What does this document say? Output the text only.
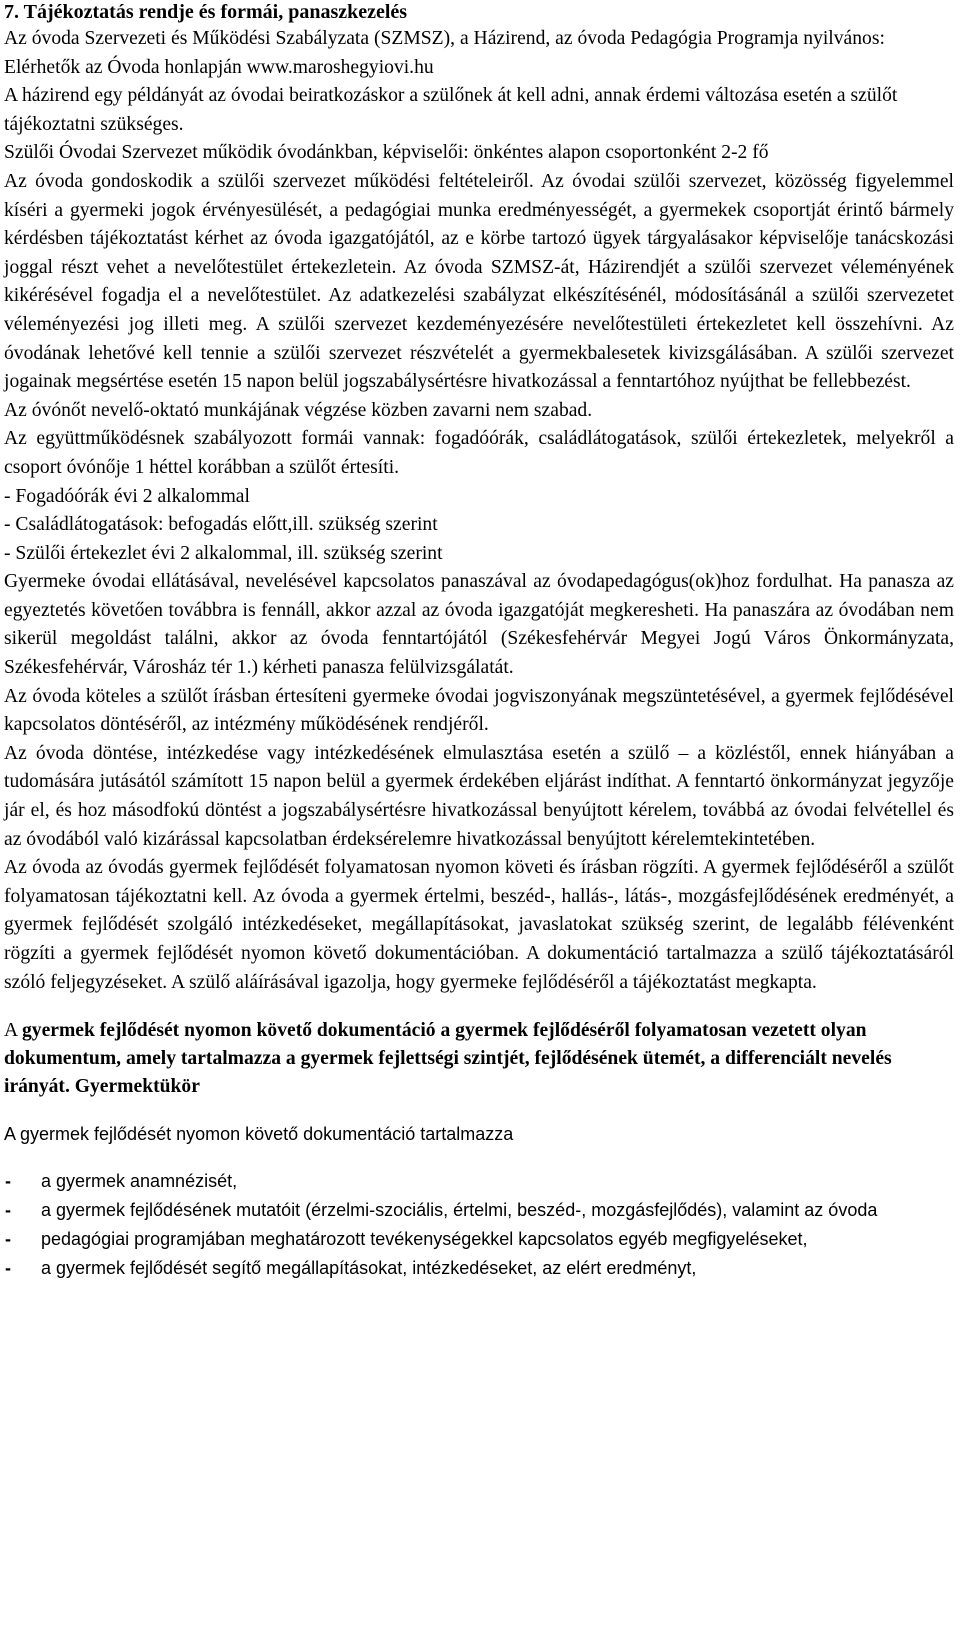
7. Tájékoztatás rendje és formái, panaszkezelés

Az óvoda Szervezeti és Működési Szabályzata (SZMSZ), a Házirend, az óvoda Pedagógia Programja nyilvános: Elérhetők az Óvoda honlapján www.maroshegyiovi.hu

A házirend egy példányát az óvodai beiratkozáskor a szülőnek át kell adni, annak érdemi változása esetén a szülőt tájékoztatni szükséges.

Szülői Óvodai Szervezet működik óvodánkban, képviselői: önkéntes alapon csoportonként 2-2 fő

Az óvoda gondoskodik a szülői szervezet működési feltételeiről. Az óvodai szülői szervezet, közösség figyelemmel kíséri a gyermeki jogok érvényesülését, a pedagógiai munka eredményességét, a gyermekek csoportját érintő bármely kérdésben tájékoztatást kérhet az óvoda igazgatójától, az e körbe tartozó ügyek tárgyalásakor képviselője tanácskozási joggal részt vehet a nevelőtestület értekezletein. Az óvoda SZMSZ-át, Házirendjét a szülői szervezet véleményének kikérésével fogadja el a nevelőtestület. Az adatkezelési szabályzat elkészítésénél, módosításánál a szülői szervezetet véleményezési jog illeti meg. A szülői szervezet kezdeményezésére nevelőtestületi értekezletet kell összehívni. Az óvodának lehetővé kell tennie a szülői szervezet részvételét a gyermekbalesetek kivizsgálásában. A szülői szervezet jogainak megsértése esetén 15 napon belül jogszabálysértésre hivatkozással a fenntartóhoz nyújthat be fellebbezést.

Az óvónőt nevelő-oktató munkájának végzése közben zavarni nem szabad.

Az együttműködésnek szabályozott formái vannak: fogadóórák, családlátogatások, szülői értekezletek, melyekről a csoport óvónője 1 héttel korábban a szülőt értesíti.

- Fogadóórák évi 2 alkalommal
- Családlátogatások: befogadás előtt,ill. szükség szerint
- Szülői értekezlet évi 2 alkalommal, ill. szükség szerint

Gyermeke óvodai ellátásával, nevelésével kapcsolatos panaszával az óvodapedagógus(ok)hoz fordulhat. Ha panasza az egyeztetés követően továbbra is fennáll, akkor azzal az óvoda igazgatóját megkeresheti. Ha panaszára az óvodában nem sikerül megoldást találni, akkor az óvoda fenntartójától (Székesfehérvár Megyei Jogú Város Önkormányzata, Székesfehérvár, Városház tér 1.) kérheti panasza felülvizsgálatát.

Az óvoda köteles a szülőt írásban értesíteni gyermeke óvodai jogviszonyának megszüntetésével, a gyermek fejlődésével kapcsolatos döntéséről, az intézmény működésének rendjéről.

Az óvoda döntése, intézkedése vagy intézkedésének elmulasztása esetén a szülő – a közléstől, ennek hiányában a tudomására jutásától számított 15 napon belül a gyermek érdekében eljárást indíthat. A fenntartó önkormányzat jegyzője jár el, és hoz másodfokú döntést a jogszabálysértésre hivatkozással benyújtott kérelem, továbbá az óvodai felvétellel és az óvodából való kizárással kapcsolatban érdeksérelemre hivatkozással benyújtott kérelemtekintetében.

Az óvoda az óvodás gyermek fejlődését folyamatosan nyomon követi és írásban rögzíti. A gyermek fejlődéséről a szülőt folyamatosan tájékoztatni kell. Az óvoda a gyermek értelmi, beszéd-, hallás-, látás-, mozgásfejlődésének eredményét, a gyermek fejlődését szolgáló intézkedéseket, megállapításokat, javaslatokat szükség szerint, de legalább félévenként rögzíti a gyermek fejlődését nyomon követő dokumentációban. A dokumentáció tartalmazza a szülő tájékoztatásáról szóló feljegyzéseket. A szülő aláírásával igazolja, hogy gyermeke fejlődéséről a tájékoztatást megkapta.

A gyermek fejlődését nyomon követő dokumentáció a gyermek fejlődéséről folyamatosan vezetett olyan dokumentum, amely tartalmazza a gyermek fejlettségi szintjét, fejlődésének ütemét, a differenciált nevelés irányát. Gyermektükör

A gyermek fejlődését nyomon követő dokumentáció tartalmazza

- a gyermek anamnézisét,
- a gyermek fejlődésének mutatóit (érzelmi-szociális, értelmi, beszéd-, mozgásfejlődés), valamint az óvoda
- pedagógiai programjában meghatározott tevékenységekkel kapcsolatos egyéb megfigyeléseket,
- a gyermek fejlődését segítő megállapításokat, intézkedéseket, az elért eredményt,
